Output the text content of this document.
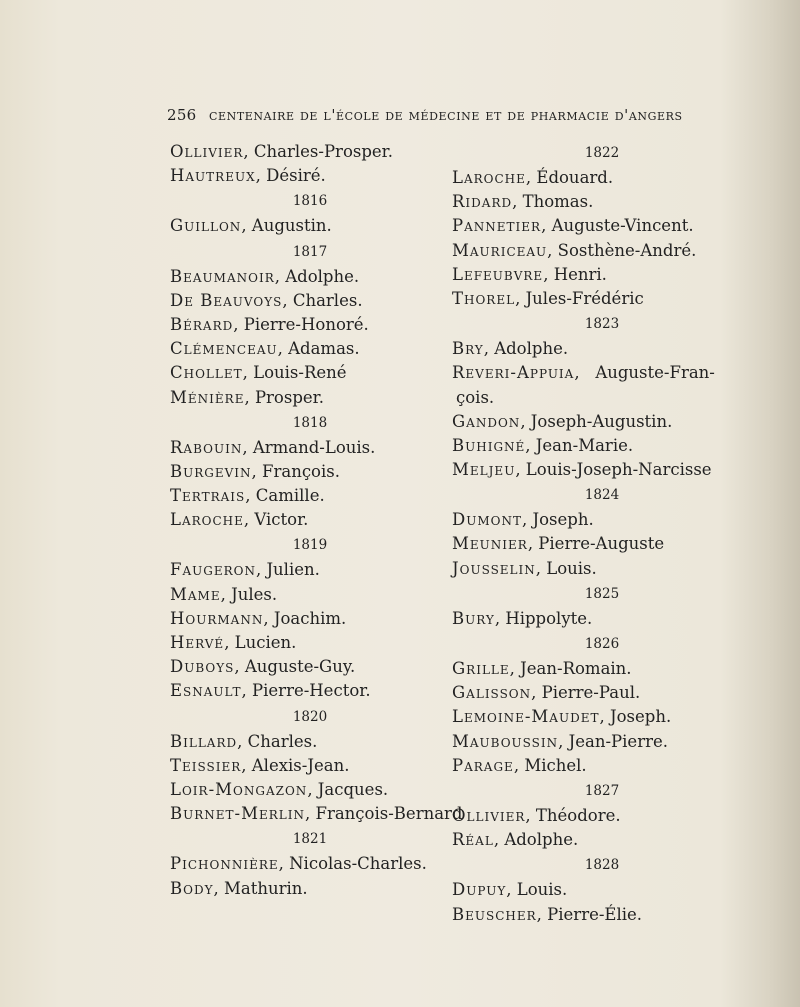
256 centenaire de l'école de médecine et de pharmacie d'angers
Ollivier, Charles-Prosper.
Hautreux, Désiré.
1816
Guillon, Augustin.
1817
Beaumanoir, Adolphe.
De Beauvoys, Charles.
Bérard, Pierre-Honoré.
Clémenceau, Adamas.
Chollet, Louis-René
Ménière, Prosper.
1818
Rabouin, Armand-Louis.
Burgevin, François.
Tertrais, Camille.
Laroche, Victor.
1819
Faugeron, Julien.
Mame, Jules.
Hourmann, Joachim.
Hervé, Lucien.
Duboys, Auguste-Guy.
Esnault, Pierre-Hector.
1820
Billard, Charles.
Teissier, Alexis-Jean.
Loir-Mongazon, Jacques.
Burnet-Merlin, François-Bernard
1821
Pichonnière, Nicolas-Charles.
Body, Mathurin.
1822
Laroche, Édouard.
Ridard, Thomas.
Pannetier, Auguste-Vincent.
Mauriceau, Sosthène-André.
Lefeubvre, Henri.
Thorel, Jules-Frédéric
1823
Bry, Adolphe.
Reveri-Appuia,   Auguste-Fran-
çois.
Gandon, Joseph-Augustin.
Buhigné, Jean-Marie.
Meljeu, Louis-Joseph-Narcisse
1824
Dumont, Joseph.
Meunier, Pierre-Auguste
Jousselin, Louis.
1825
Bury, Hippolyte.
1826
Grille, Jean-Romain.
Galisson, Pierre-Paul.
Lemoine-Maudet, Joseph.
Mauboussin, Jean-Pierre.
Parage, Michel.
1827
Ollivier, Théodore.
Réal, Adolphe.
1828
Dupuy, Louis.
Beuscher, Pierre-Élie.
